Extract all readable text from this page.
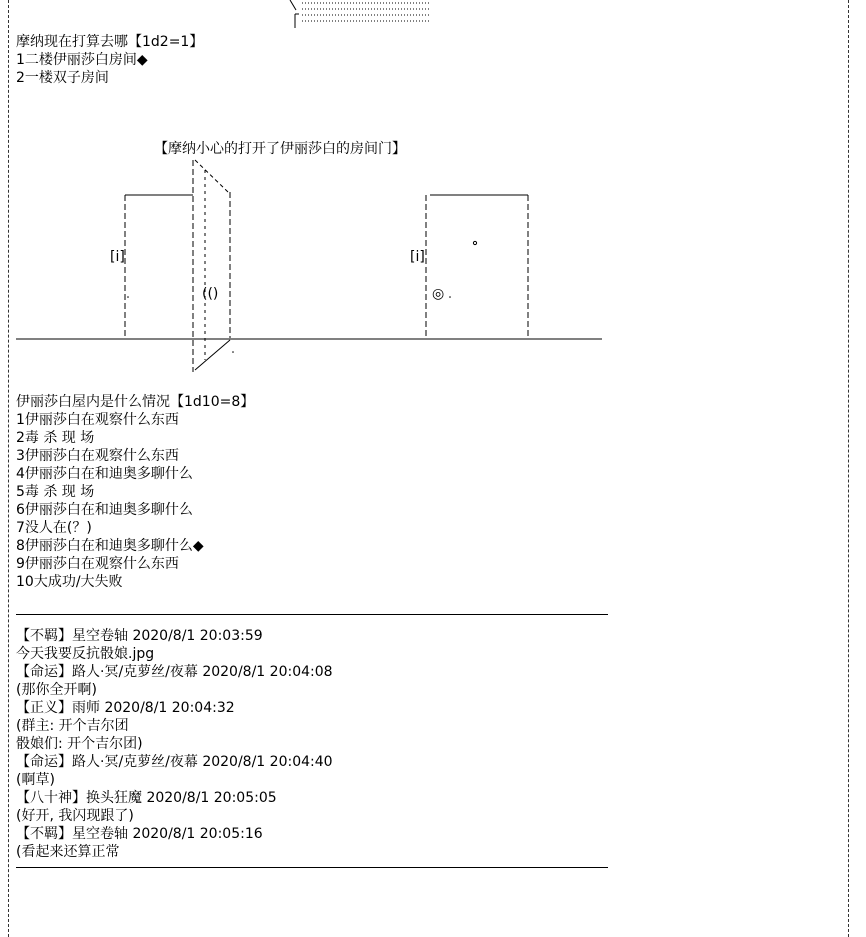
摩纳现在打算去哪【1d2=1】
1二楼伊丽莎白房间◆
2一楼双子房间
【摩纳小心的打开了伊丽莎白的房间门】
[i]
(()
[i]
◎
伊丽莎白屋内是什么情况【1d10=8】
1伊丽莎白在观察什么东西
2毒 杀 现 场
3伊丽莎白在观察什么东西
4伊丽莎白在和迪奥多聊什么
5毒 杀 现 场
6伊丽莎白在和迪奥多聊什么
7没人在(？)
8伊丽莎白在和迪奥多聊什么◆
9伊丽莎白在观察什么东西
10大成功/大失败
【不羁】星空卷轴 2020/8/1 20:03:59
今天我要反抗骰娘.jpg
【命运】路人·冥/克萝丝/夜幕 2020/8/1 20:04:08
(那你全开啊)
【正义】雨师 2020/8/1 20:04:32
(群主: 开个吉尔团
骰娘们: 开个吉尔团)
【命运】路人·冥/克萝丝/夜幕 2020/8/1 20:04:40
(啊草)
【八十神】换头狂魔 2020/8/1 20:05:05
(好开, 我闪现跟了)
【不羁】星空卷轴 2020/8/1 20:05:16
(看起来还算正常
